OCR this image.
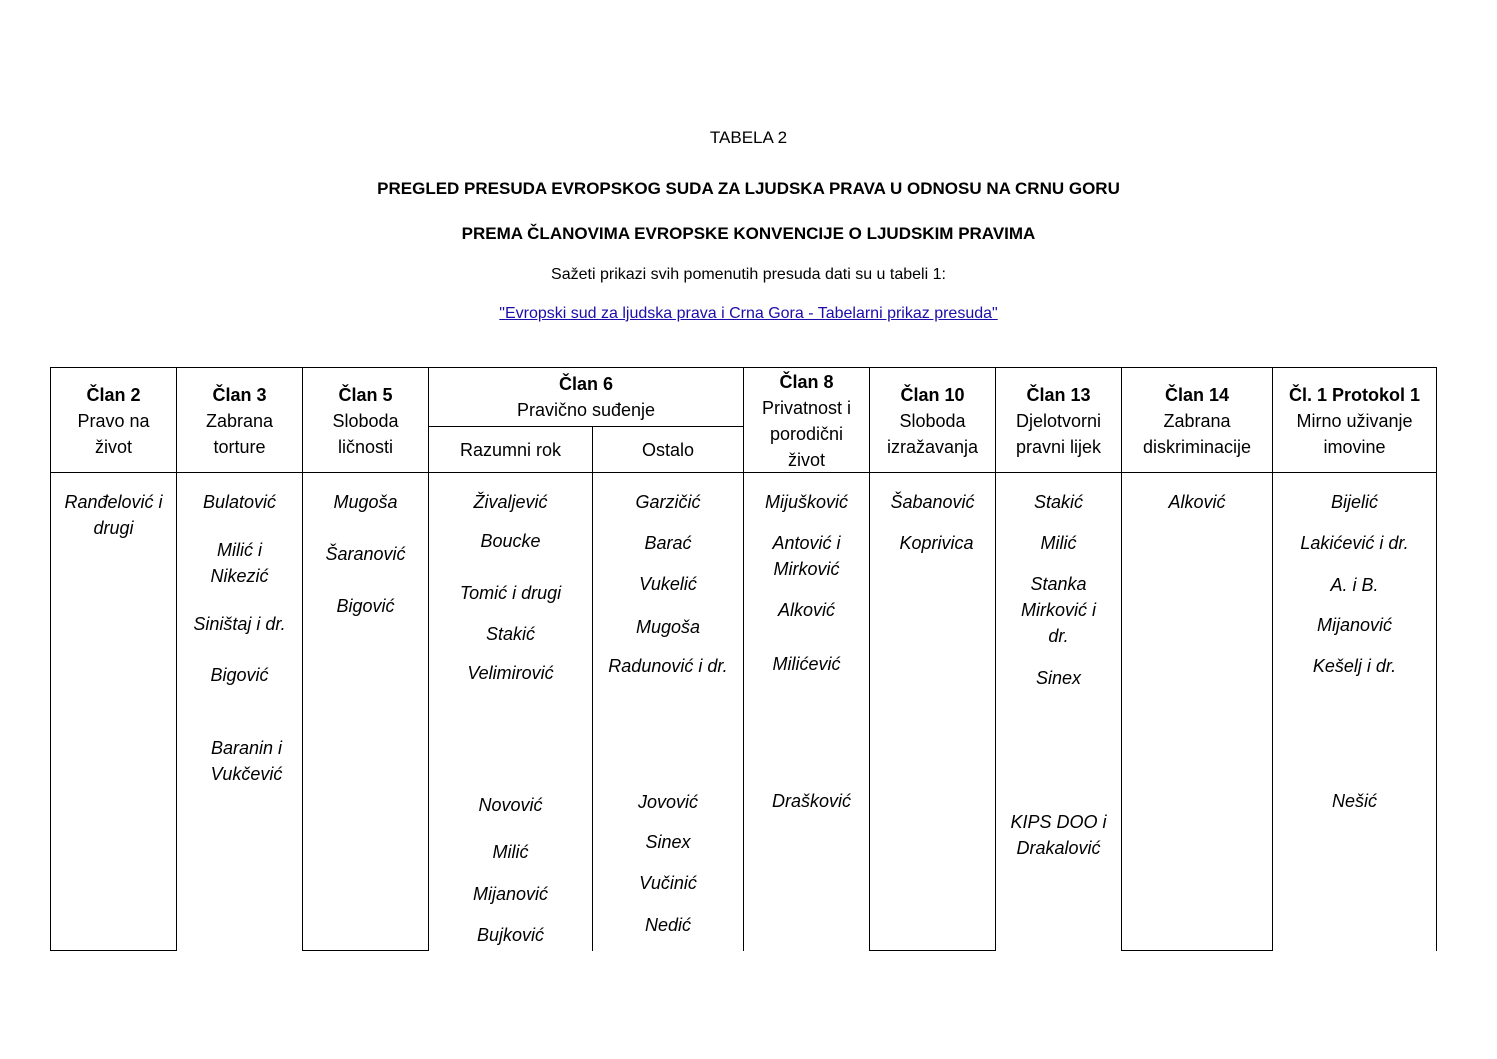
TABELA 2
PREGLED PRESUDA EVROPSKOG SUDA ZA LJUDSKA PRAVA U ODNOSU NA CRNU GORU
PREMA ČLANOVIMA EVROPSKE KONVENCIJE O LJUDSKIM PRAVIMA
Sažeti prikazi svih pomenutih presuda dati su u tabeli 1:
"Evropski sud za ljudska prava i Crna Gora - Tabelarni prikaz presuda"
Član 2
Pravo na
život
Član 3
Zabrana
torture
Član 5
Sloboda
ličnosti
Član 6
Pravično suđenje
Razumni rok	Ostalo
Član 8
Privatnost i
porodični
život
Član 10
Sloboda
izražavanja
Član 13
Djelotvorni
pravni lijek
Član 14
Zabrana
diskriminacije
Čl. 1 Protokol 1
Mirno uživanje
imovine
Ranđelović i
drugi
Bulatović
Milić i
Nikezić
Siništaj i dr.
Bigović
Baranin i
Vukčević
Mugoša
Šaranović
Bigović
Živaljević
Boucke
Tomić i drugi
Stakić
Velimirović
Novović
Milić
Mijanović
Bujković
Garzičić
Barać
Vukelić
Mugoša
Radunović i dr.
Jovović
Sinex
Vučinić
Nedić
Mijušković
Antović i
Mirković
Alković
Milićević
Drašković
Šabanović
Koprivica
Stakić
Milić
Stanka
Mirković i
dr.
Sinex
KIPS DOO i
Drakalović
Alković	Bijelić
Lakićević i dr.
A. i B.
Mijanović
Kešelj i dr.
Nešić
